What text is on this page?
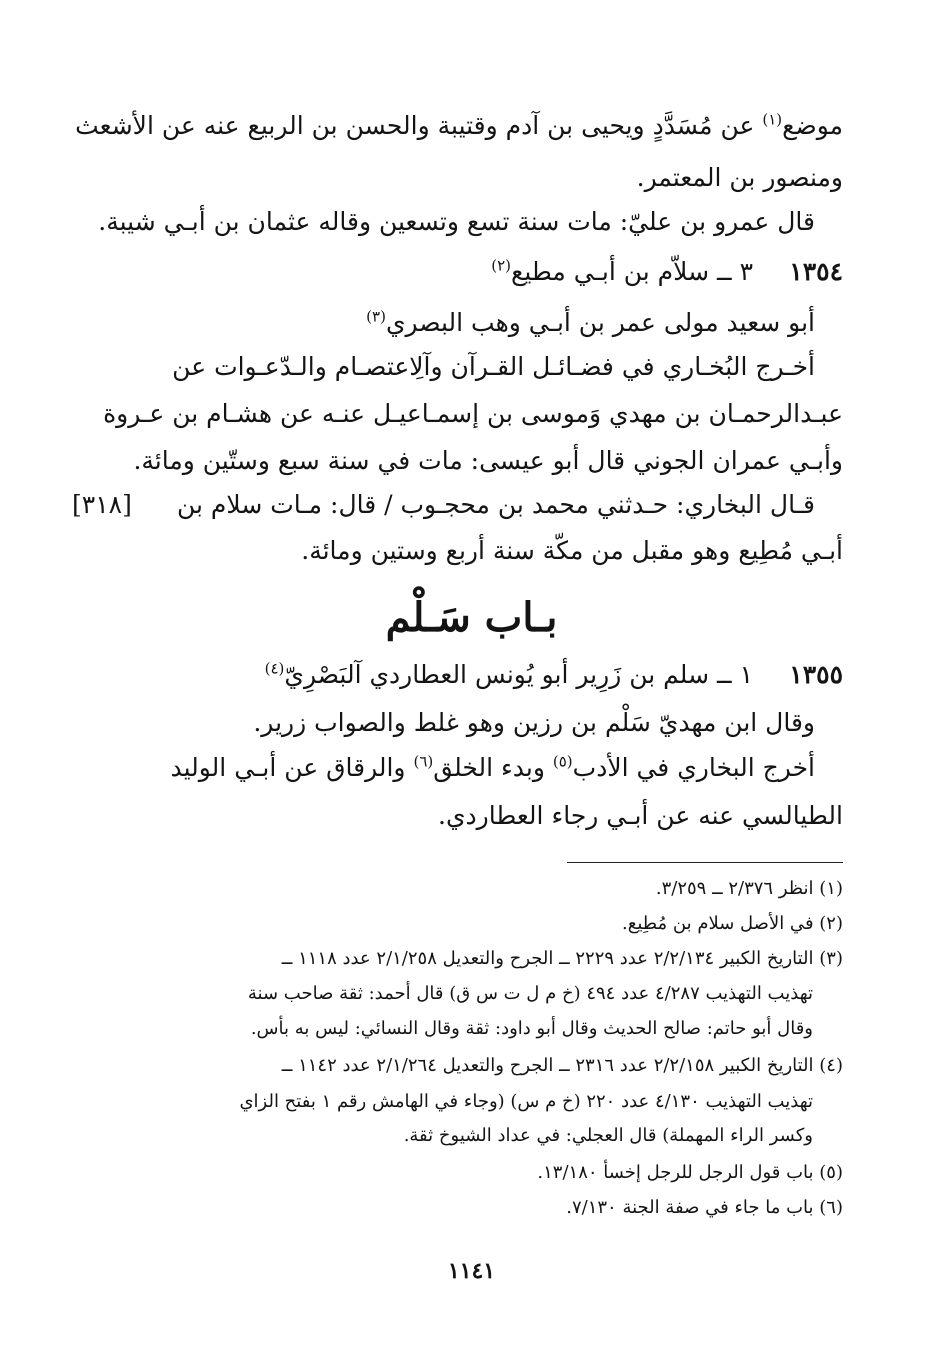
موضع$^{(١)}$ عن مُسَدَّدٍ ويحيى بن آدم وقتيبة والحسن بن الربيع عنه عن الأشعث
ومنصور بن المعتمر.
قال عمرو بن عليّ: مات سنة تسع وتسعين وقاله عثمان بن أبـي شيبة.
١٣٥٤
٣ ــ سلاّم بن أبـي مطيع$^{(٢)}$
أبو سعيد مولى عمر بن أبـي وهب البصري$^{(٣)}$
أخـرج البُخـاري في فضـائـل القـرآن وآلِاعتصـام والـدّعـوات عن
عبـدالرحمـان بن مهدي وَموسى بن إسمـاعيـل عنـه عن هشـام بن عـروة
وأبـي عمران الجوني قال أبو عيسى: مات في سنة سبع وستّين ومائة.
قـال البخاري: حـدثني محمد بن محجـوب / قال: مـات سلام بن
[٣١٨]
أبـي مُطِيع وهو مقبل من مكّة سنة أربع وستين ومائة.
بـاب سَـلْم
١٣٥٥
١ ــ سلم بن زَرِير أبو يُونس العطاردي آلبَصْرِيّ$^{(٤)}$
وقال ابن مهديّ سَلْم بن رزين وهو غلط والصواب زرير.
أخرج البخاري في الأدب$^{(٥)}$ وبدء الخلق$^{(٦)}$ والرقاق عن أبـي الوليد
الطيالسي عنه عن أبـي رجاء العطاردي.
(١) انظر ٢/٣٧٦ ــ ٣/٢٥٩.
(٢) في الأصل سلام بن مُطِيع.
(٣) التاريخ الكبير ٢/٢/١٣٤ عدد ٢٢٢٩ ــ الجرح والتعديل ٢/١/٢٥٨ عدد ١١١٨ ــ
تهذيب التهذيب ٤/٢٨٧ عدد ٤٩٤ (خ م ل ت س ق) قال أحمد: ثقة صاحب سنة
وقال أبو حاتم: صالح الحديث وقال أبو داود: ثقة وقال النسائي: ليس به بأس.
(٤) التاريخ الكبير ٢/٢/١٥٨ عدد ٢٣١٦ ــ الجرح والتعديل ٢/١/٢٦٤ عدد ١١٤٢ ــ
تهذيب التهذيب ٤/١٣٠ عدد ٢٢٠ (خ م س) (وجاء في الهامش رقم ١ بفتح الزاي
وكسر الراء المهملة) قال العجلي: في عداد الشيوخ ثقة.
(٥) باب قول الرجل للرجل إخسأ ١٣/١٨٠.
(٦) باب ما جاء في صفة الجنة ٧/١٣٠.
١١٤١
